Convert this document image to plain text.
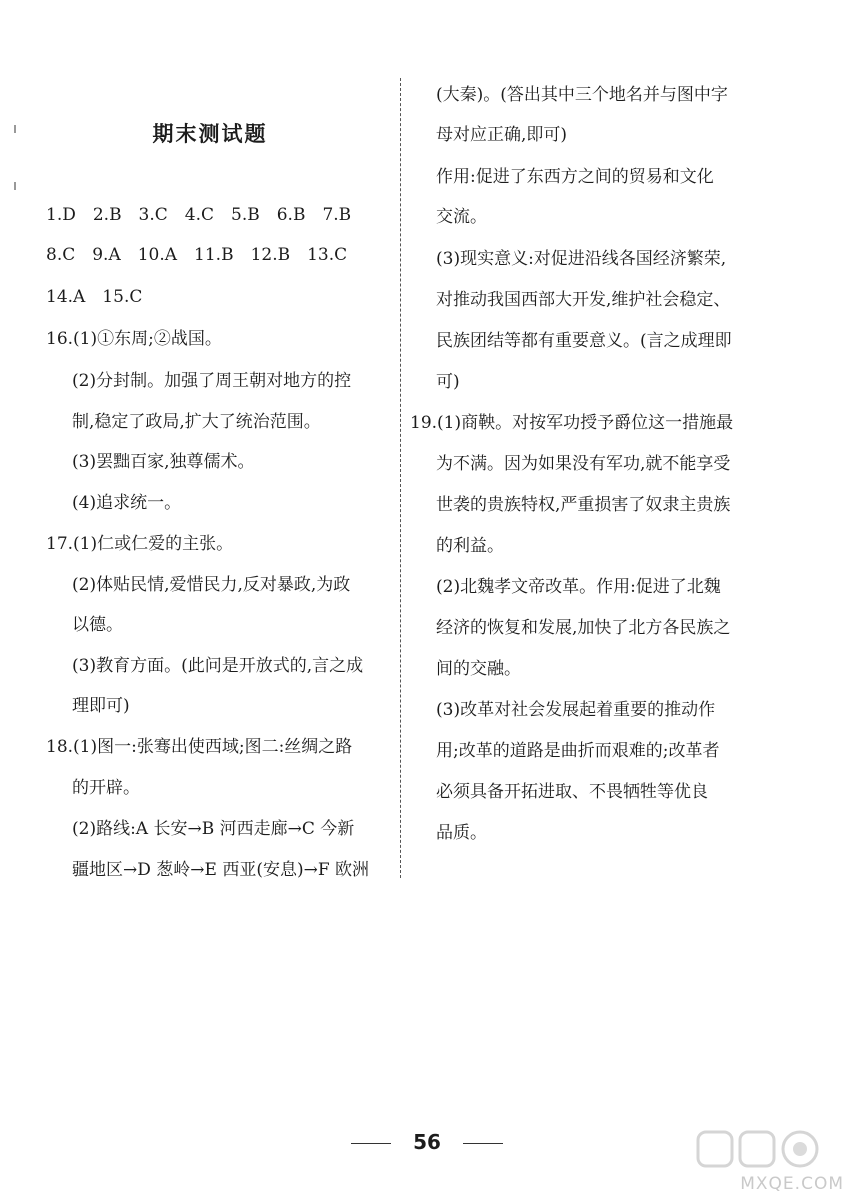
期末测试题
1.D　2.B　3.C　4.C　5.B　6.B　7.B
8.C　9.A　10.A　11.B　12.B　13.C
14.A　15.C
16.(1)①东周;②战国。
(2)分封制。加强了周王朝对地方的控
制,稳定了政局,扩大了统治范围。
(3)罢黜百家,独尊儒术。
(4)追求统一。
17.(1)仁或仁爱的主张。
(2)体贴民情,爱惜民力,反对暴政,为政
以德。
(3)教育方面。(此问是开放式的,言之成
理即可)
18.(1)图一:张骞出使西域;图二:丝绸之路
的开辟。
(2)路线:A 长安→B 河西走廊→C 今新
疆地区→D 葱岭→E 西亚(安息)→F 欧洲
(大秦)。(答出其中三个地名并与图中字
母对应正确,即可)
作用:促进了东西方之间的贸易和文化
交流。
(3)现实意义:对促进沿线各国经济繁荣,
对推动我国西部大开发,维护社会稳定、
民族团结等都有重要意义。(言之成理即
可)
19.(1)商鞅。对按军功授予爵位这一措施最
为不满。因为如果没有军功,就不能享受
世袭的贵族特权,严重损害了奴隶主贵族
的利益。
(2)北魏孝文帝改革。作用:促进了北魏
经济的恢复和发展,加快了北方各民族之
间的交融。
(3)改革对社会发展起着重要的推动作
用;改革的道路是曲折而艰难的;改革者
必须具备开拓进取、不畏牺牲等优良
品质。
56
MXQE.COM
